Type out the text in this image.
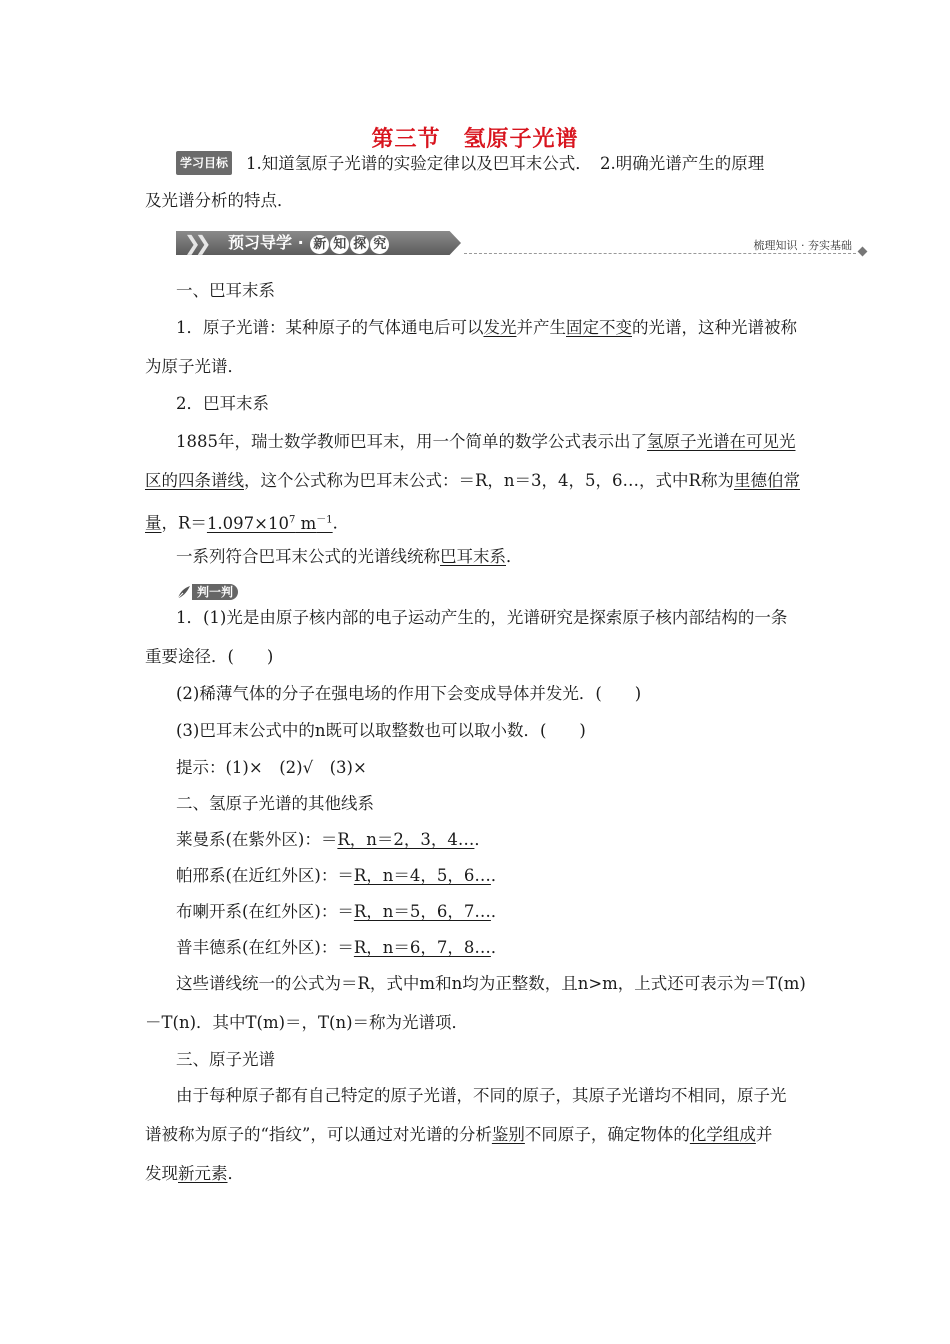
第三节　氢原子光谱
学习目标 1.知道氢原子光谱的实验定律以及巴耳末公式．　2.明确光谱产生的原理
及光谱分析的特点．
❯❯ 预习导学 · 新 知 探 究	梳理知识 · 夯实基础
一、巴耳末系
1．原子光谱：某种原子的气体通电后可以发光并产生固定不变的光谱，这种光谱被称
为原子光谱．
2．巴耳末系
1885年，瑞士数学教师巴耳末，用一个简单的数学公式表示出了氢原子光谱在可见光
区的四条谱线，这个公式称为巴耳末公式：＝R，n＝3，4，5，6…，式中R称为里德伯常
量，$R=1.097\times 10^7$ $m^{-1}$．
一系列符合巴耳末公式的光谱线统称巴耳末系．
判一判
1．(1)光是由原子核内部的电子运动产生的，光谱研究是探索原子核内部结构的一条
重要途径．(　　)
(2)稀薄气体的分子在强电场的作用下会变成导体并发光．(　　)
(3)巴耳末公式中的n既可以取整数也可以取小数．(　　)
提示：(1)×　(2)√　(3)×
二、氢原子光谱的其他线系
莱曼系(在紫外区)：＝R，n＝2，3，4…．
帕邢系(在近红外区)：＝R，n＝4，5，6…．
布喇开系(在红外区)：＝R，n＝5，6，7…．
普丰德系(在红外区)：＝R，n＝6，7，8…．
这些谱线统一的公式为＝R，式中m和n均为正整数，且n>m，上式还可表示为＝T(m)
－T(n)．其中T(m)＝，T(n)＝称为光谱项．
三、原子光谱
由于每种原子都有自己特定的原子光谱，不同的原子，其原子光谱均不相同，原子光
谱被称为原子的“指纹”，可以通过对光谱的分析鉴别不同原子，确定物体的化学组成并
发现新元素．
